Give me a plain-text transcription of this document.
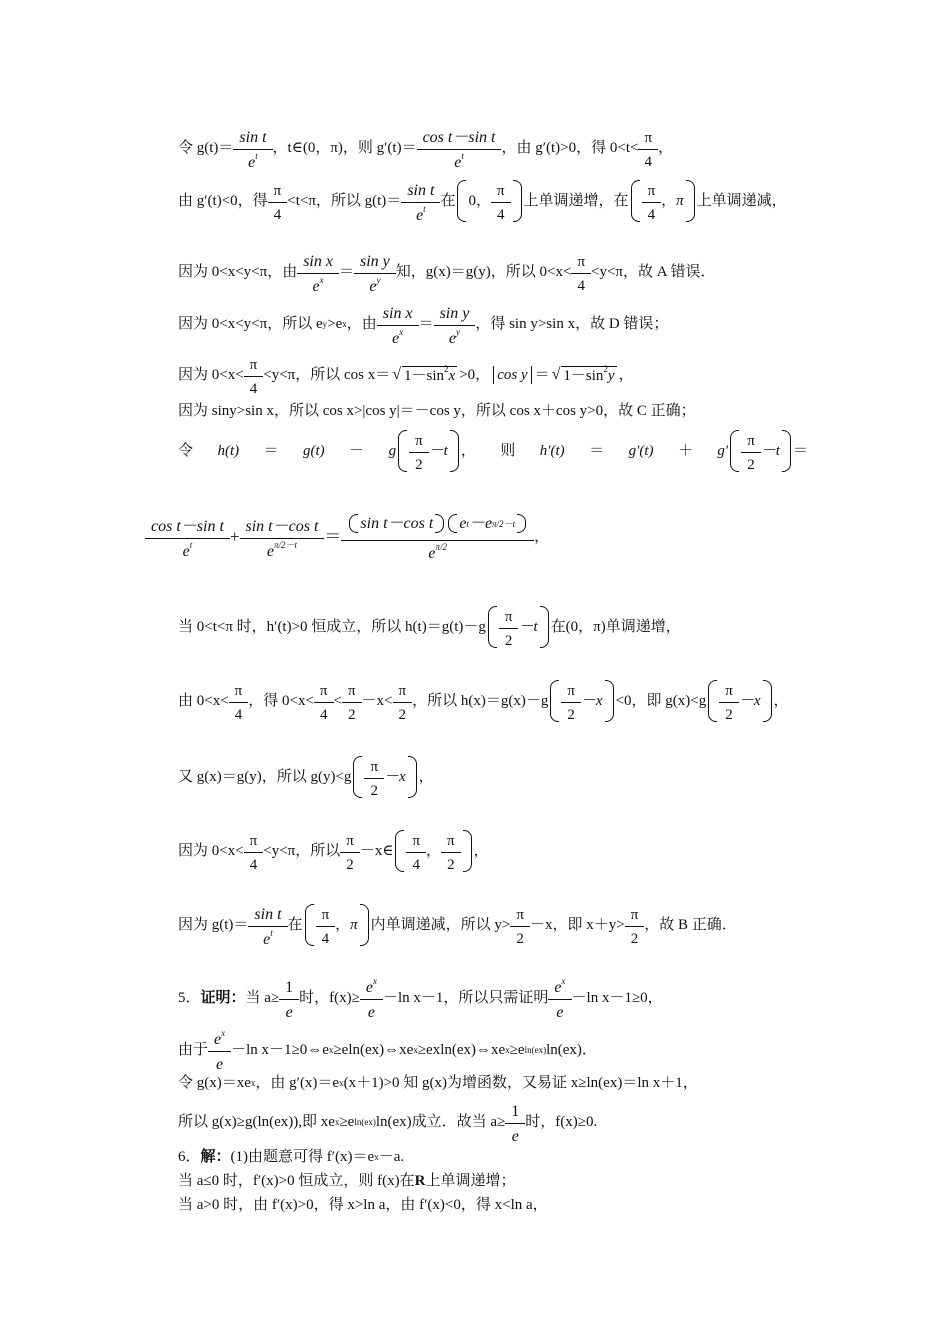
令 g(t)＝
sin t
$e^t$ ，t∈(0，π)，则 g′(t)＝
cos t－sin t
$e^t$	，由 g′(t)>0，得 0<t<
π
4
，
由 g′(t)<0，得
π
4
<t<π，所以 g(t)＝
sin t
$e^t$ 在 0 ，
π
4
上单调递增，在
π
4
， π 上单调递减，
因为 0<x<y<π，由
sin x
$e^x$	＝
sin y
$e^y$	知，g(x)＝g(y)，所以 0<x<
π
4
<y<π，故 A 错误．
因为 0<x<y<π，所以 e y >e x ，由
sin x
$e^x$	＝
sin y
$e^y$	，得 sin y>sin x，故 D 错误；
因为 0<x<
π
4
<y<π，所以 cos x＝ √ $1-\sin^2x >0$， cos y ＝ √ $1-\sin^2y$ ，
因为 siny>sin x，所以 cos x>|cos y|＝－cos y，所以 cos x＋cos y>0，故 C 正确；
令 h(t) ＝ g(t) － g
π
2
－t ， 则 h′(t) ＝ g′(t) ＋ g′
π
2
－t ＝
cos t－sin t
$e^t$	+ $\frac{\text{sin t－cos t}}{e^{\pi/2-t}}$ ＝
sin t－cos t e t －e π/2－t
$e^{\pi/2}$
，
当 0<t<π 时，h′(t)>0 恒成立，所以 h(t)＝g(t)－g
π
2
－t 在(0，π)单调递增，
由 0<x<
π
4
，得 0<x<
π
4
<
π
2
－x<
π
2
，所以 h(x)＝g(x)－g
π
2
－x <0，即 g(x)<g
π
2
－x ，
又 g(x)＝g(y)，所以 g(y)<g
π
2
－x ，
因为 0<x<
π
4
<y<π，所以
π
2
－x∈
π
4
，
π
2
，
因为 g(t)＝
sin t
$e^t$ 在
π
4
， π 内单调递减，所以 y>
π
2
－x，即 x＋y>
π
2
，故 B 正确．
5． 证明： 当 $a\ge \frac{1}{e}$ 时，$f(x)\ge \frac{e^x}{e} -\ln$ x－1，所以只需证明
$e^x$
e
－ln x－1≥0，
由于
$e^x$
e
－ln x－1≥0⇔e x ≥eln(ex)⇔xe x ≥exln(ex)⇔xe x ≥e ln(ex) ln(ex)．
令 g(x)＝xe x ，由 g′(x)＝e x (x＋1)>0 知 g(x)为增函数，又易证 x≥ln(ex)＝ln x＋1，
所以 g(x)≥g(ln(ex)),即 xe x ≥e ln(ex) ln(ex)成立．故当 $a\ge \frac{1}{e}$ 时，f(x)≥0.
6． 解： (1)由题意可得 f′(x)＝e x －a.
当 a≤0 时，f′(x)>0 恒成立，则 f(x)在 R 上单调递增；
当 a>0 时，由 f′(x)>0，得 x>ln a，由 f′(x)<0，得 x<ln a，
